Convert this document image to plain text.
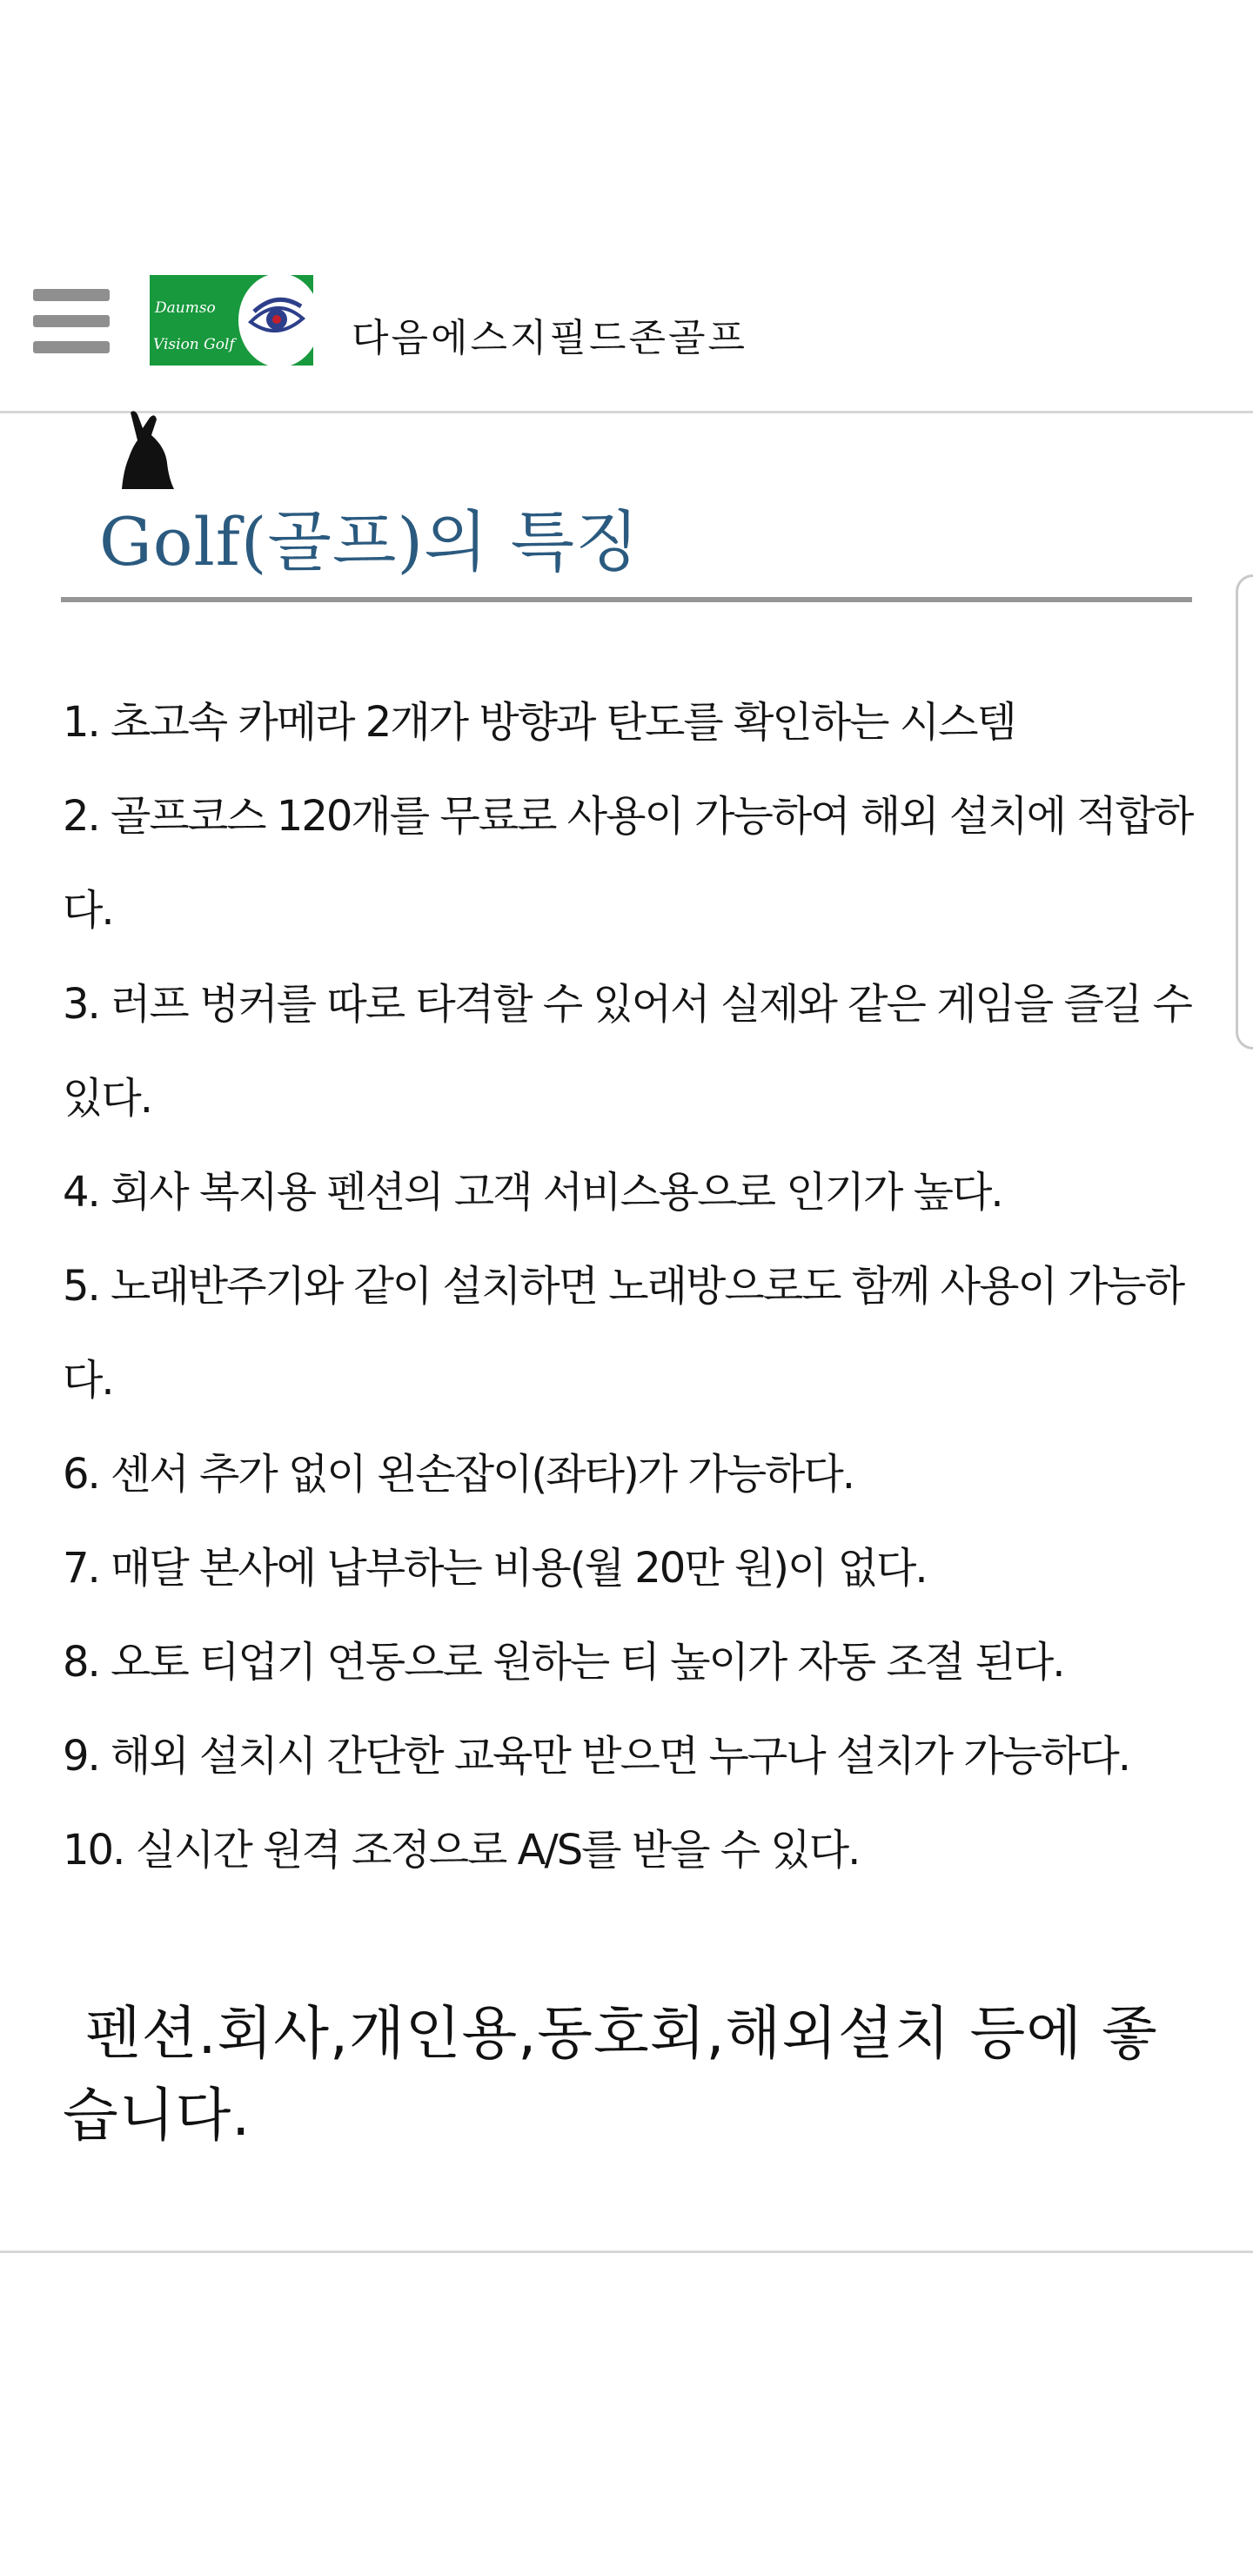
Daumso
Vision Golf	다음에스지필드존골프
Golf(골프)의 특징
1. 초고속 카메라 2개가 방향과 탄도를 확인하는 시스템
2. 골프코스 120개를 무료로 사용이 가능하여 해외 설치에 적합하다.
3. 러프 벙커를 따로 타격할 수 있어서 실제와 같은 게임을 즐길 수 있다.
4. 회사 복지용 펜션의 고객 서비스용으로 인기가 높다.
5. 노래반주기와 같이 설치하면 노래방으로도 함께 사용이 가능하다.
6. 센서 추가 없이 왼손잡이(좌타)가 가능하다.
7. 매달 본사에 납부하는 비용(월 20만 원)이 없다.
8. 오토 티업기 연동으로 원하는 티 높이가 자동 조절 된다.
9. 해외 설치시 간단한 교육만 받으면 누구나 설치가 가능하다.
10. 실시간 원격 조정으로 A/S를 받을 수 있다.
펜션.회사,개인용,동호회,해외설치 등에 좋습니다.
